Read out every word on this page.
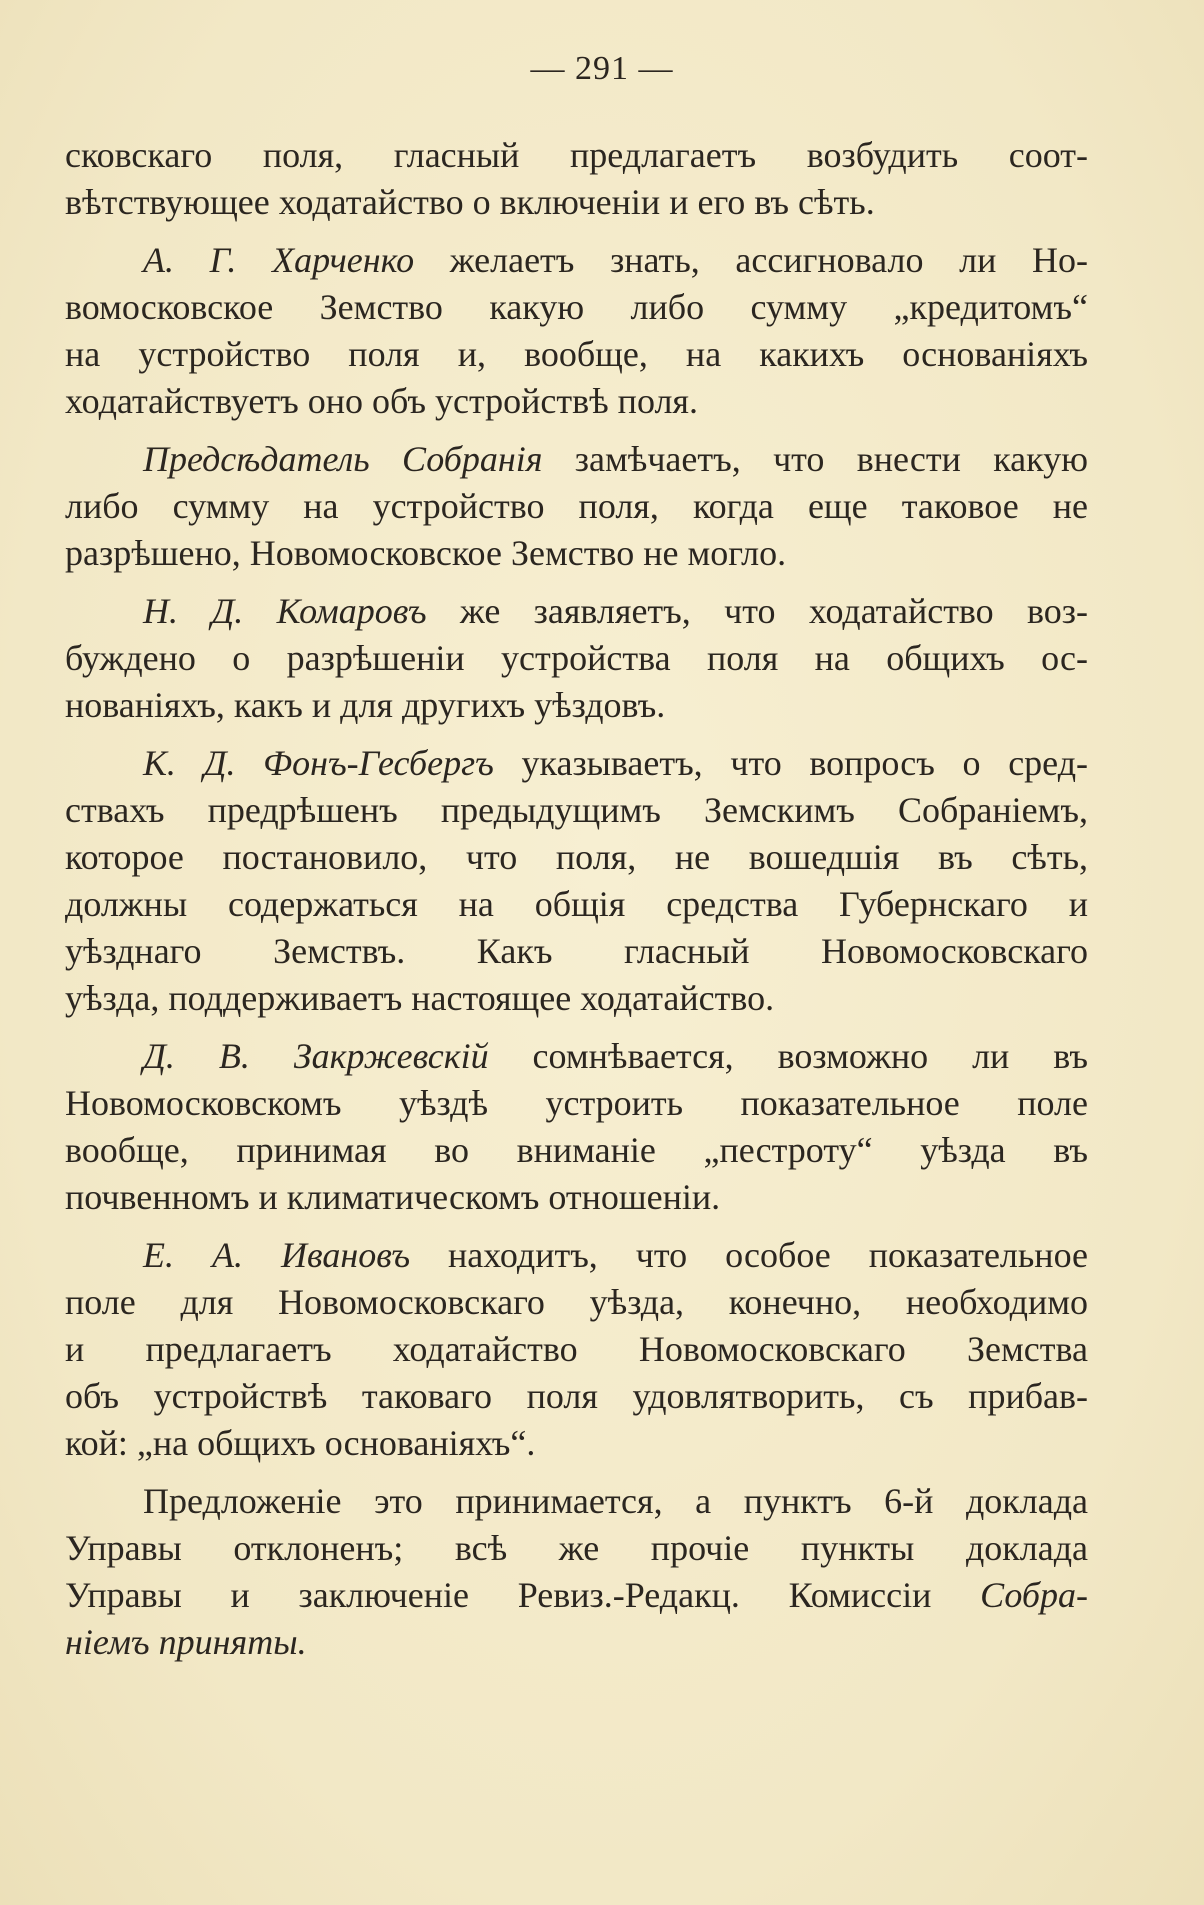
— 291 —
сковскаго поля, гласный предлагаетъ возбудить соот-
вѣтствующее ходатайство о включенiи и его въ сѣть.
А. Г. Харченко желаетъ знать, ассигновало ли Но-
вомосковское Земство какую либо сумму „кредитомъ“
на устройство поля и, вообще, на какихъ основанiяхъ
ходатайствуетъ оно объ устройствѣ поля.
Предсѣдатель Собранія замѣчаетъ, что внести какую
либо сумму на устройство поля, когда еще таковое не
разрѣшено, Новомосковское Земство не могло.
Н. Д. Комаровъ же заявляетъ, что ходатайство воз-
буждено о разрѣшенiи устройства поля на общихъ ос-
нованiяхъ, какъ и для другихъ уѣздовъ.
К. Д. Фонъ-Гесбергъ указываетъ, что вопросъ о сред-
ствахъ предрѣшенъ предыдущимъ Земскимъ Собранiемъ,
которое постановило, что поля, не вошедшiя въ сѣть,
должны содержаться на общiя средства Губернскаго и
уѣзднаго Земствъ. Какъ гласный Новомосковскаго
уѣзда, поддерживаетъ настоящее ходатайство.
Д. В. Закржевскiй сомнѣвается, возможно ли въ
Новомосковскомъ уѣздѣ устроить показательное поле
вообще, принимая во вниманiе „пестроту“ уѣзда въ
почвенномъ и климатическомъ отношенiи.
Е. А. Ивановъ находитъ, что особое показательное
поле для Новомосковскаго уѣзда, конечно, необходимо
и предлагаетъ ходатайство Новомосковскаго Земства
объ устройствѣ таковаго поля удовлятворить, съ прибав-
кой: „на общихъ основанiяхъ“.
Предложенiе это принимается, а пунктъ 6-й доклада
Управы отклоненъ; всѣ же прочiе пункты доклада
Управы и заключенiе Ревиз.-Редакц. Комиссiи Собра-
нiемъ приняты.
